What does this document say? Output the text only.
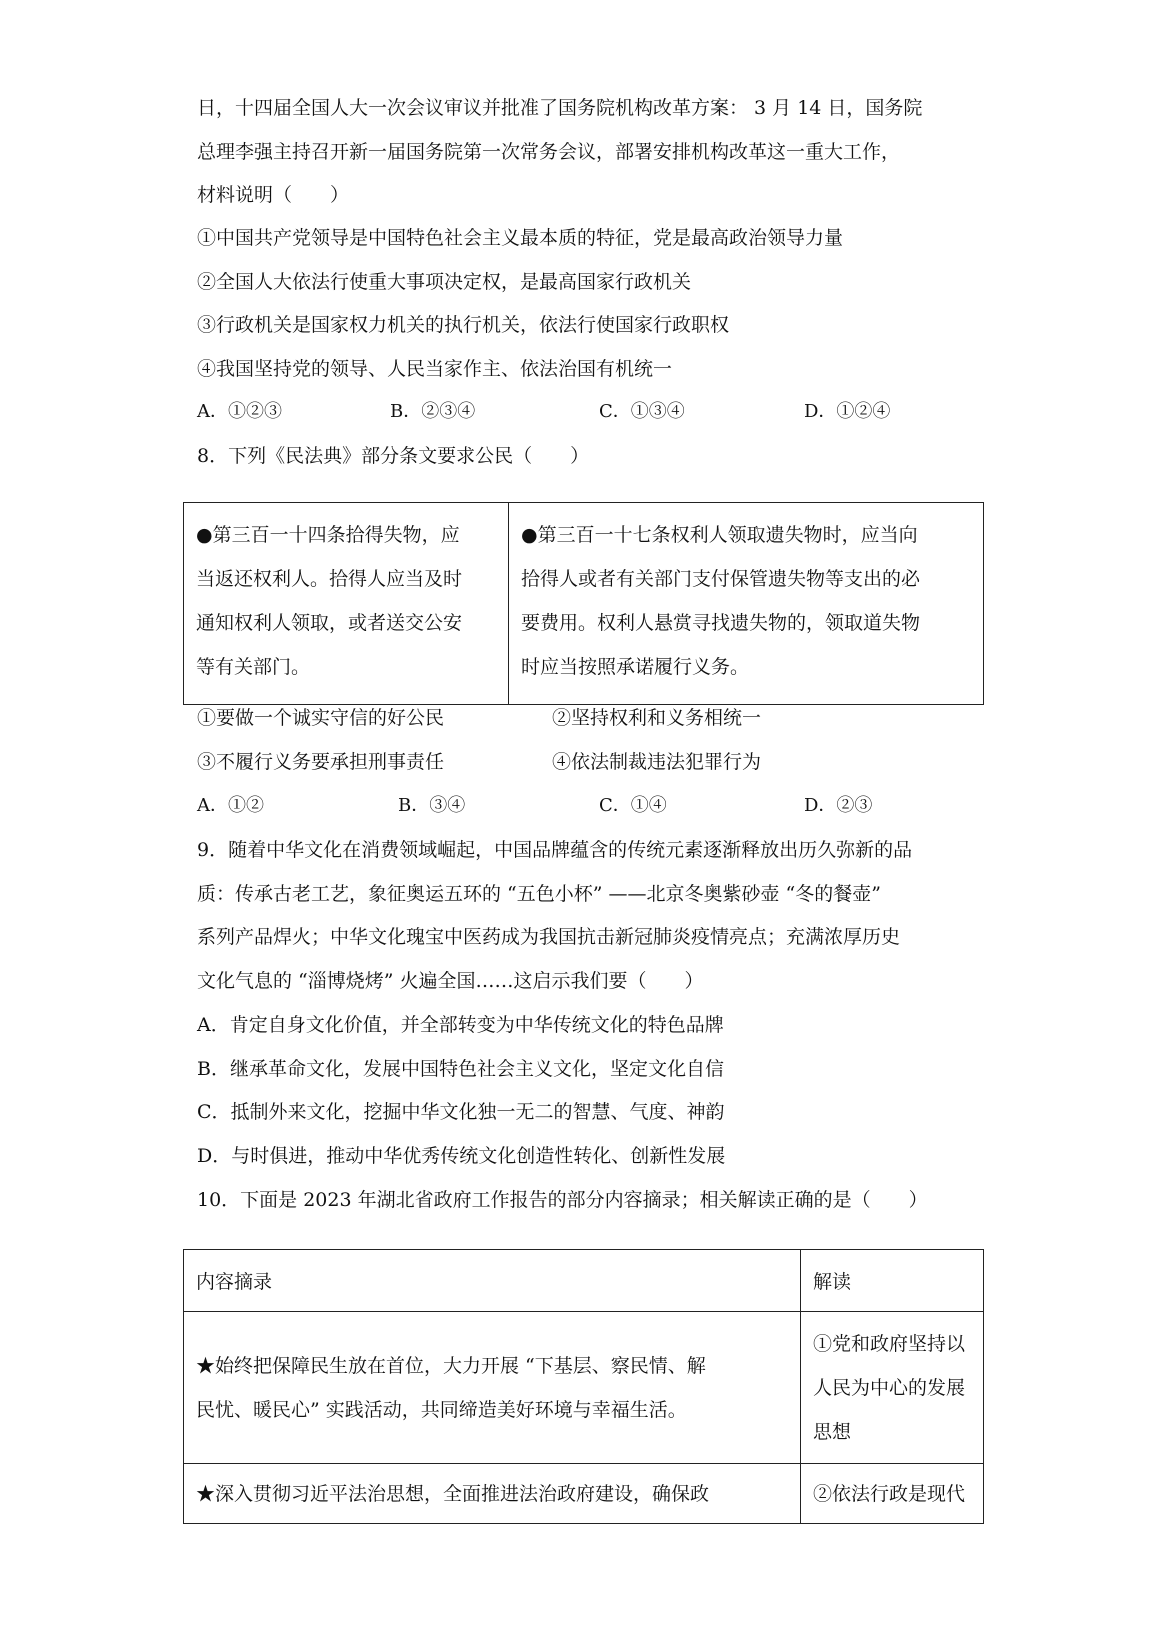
日，十四届全国人大一次会议审议并批准了国务院机构改革方案： 3 月 14 日，国务院
总理李强主持召开新一届国务院第一次常务会议，部署安排机构改革这一重大工作，
材料说明（　　）
①中国共产党领导是中国特色社会主义最本质的特征，党是最高政治领导力量
②全国人大依法行使重大事项决定权，是最高国家行政机关
③行政机关是国家权力机关的执行机关，依法行使国家行政职权
④我国坚持党的领导、人民当家作主、依法治国有机统一
A．①②③	B．②③④	C．①③④	D．①②④
8．下列《民法典》部分条文要求公民（　　）
●第三百一十四条拾得失物，应
当返还权利人。拾得人应当及时
通知权利人领取，或者送交公安
等有关部门。

●第三百一十七条权利人领取遗失物时，应当向
拾得人或者有关部门支付保管遗失物等支出的必
要费用。权利人悬赏寻找遗失物的，领取道失物
时应当按照承诺履行义务。
①要做一个诚实守信的好公民	②坚持权利和义务相统一
③不履行义务要承担刑事责任	④依法制裁违法犯罪行为
A．①②	B．③④	C．①④	D．②③
9．随着中华文化在消费领域崛起，中国品牌蕴含的传统元素逐渐释放出历久弥新的品
质：传承古老工艺，象征奥运五环的 “五色小杯” ——北京冬奥紫砂壶 “冬的餐壶”
系列产品焊火；中华文化瑰宝中医药成为我国抗击新冠肺炎疫情亮点；充满浓厚历史
文化气息的 “淄博烧烤” 火遍全国……这启示我们要（　　）
A．肯定自身文化价值，并全部转变为中华传统文化的特色品牌
B．继承革命文化，发展中国特色社会主义文化，坚定文化自信
C．抵制外来文化，挖掘中华文化独一无二的智慧、气度、神韵
D．与时俱进，推动中华优秀传统文化创造性转化、创新性发展
10．下面是 2023 年湖北省政府工作报告的部分内容摘录；相关解读正确的是（　　）
内容摘录	解读

★始终把保障民生放在首位，大力开展 “下基层、察民情、解
民忧、暖民心” 实践活动，共同缔造美好环境与幸福生活。	①党和政府坚持以
人民为中心的发展
思想

★深入贯彻习近平法治思想，全面推进法治政府建设，确保政	②依法行政是现代
